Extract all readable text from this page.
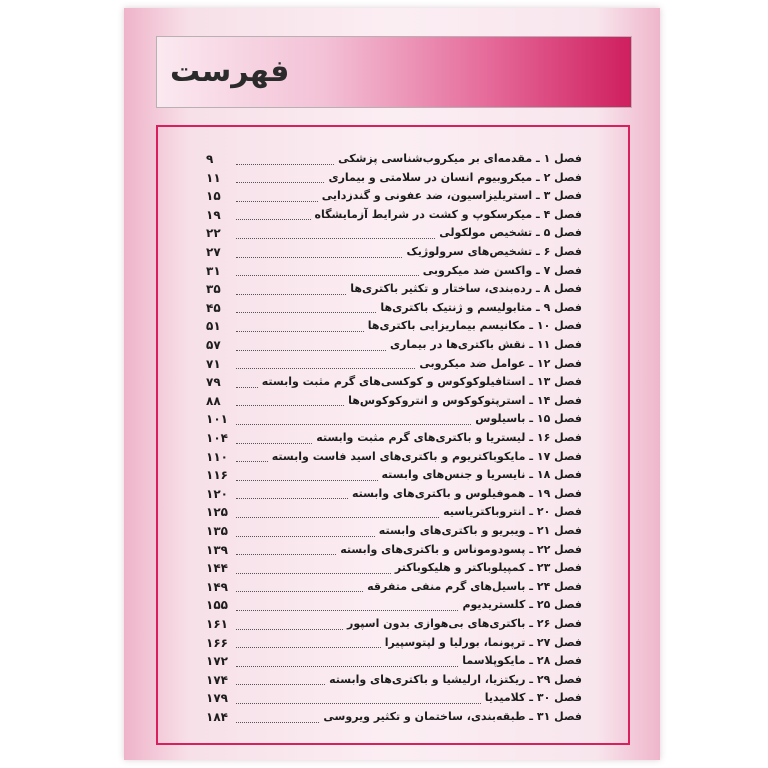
فهرست
فصل ۱ ـ مقدمه‌ای بر میکروب‌شناسی پزشکی
۹
فصل ۲ ـ میکروبیوم انسان در سلامتی و بیماری
۱۱
فصل ۳ ـ استریلیزاسیون، ضد عفونی و گندزدایی
۱۵
فصل ۴ ـ میکرسکوپ و کشت در شرایط آزمایشگاه
۱۹
فصل ۵ ـ تشخیص مولکولی
۲۲
فصل ۶ ـ تشخیص‌های سرولوژیک
۲۷
فصل ۷ ـ واکسن ضد میکروبی
۳۱
فصل ۸ ـ رده‌بندی، ساختار و تکثیر باکتری‌ها
۳۵
فصل ۹ ـ متابولیسم و ژنتیک باکتری‌ها
۴۵
فصل ۱۰ ـ مکانیسم بیماریزایی باکتری‌ها
۵۱
فصل ۱۱ ـ نقش باکتری‌ها در بیماری
۵۷
فصل ۱۲ ـ عوامل ضد میکروبی
۷۱
فصل ۱۳ ـ استافیلوکوکوس و کوکسی‌های گرم مثبت وابسته
۷۹
فصل ۱۴ ـ استرپتوکوکوس و انتروکوکوس‌ها
۸۸
فصل ۱۵ ـ باسیلوس
۱۰۱
فصل ۱۶ ـ لیستریا و باکتری‌های گرم مثبت وابسته
۱۰۴
فصل ۱۷ ـ مایکوباکتریوم و باکتری‌های اسید فاست وابسته
۱۱۰
فصل ۱۸ ـ نایسریا و جنس‌های وابسته
۱۱۶
فصل ۱۹ ـ هموفیلوس و باکتری‌های وابسته
۱۲۰
فصل ۲۰ ـ انتروباکتریاسیه
۱۲۵
فصل ۲۱ ـ ویبریو و باکتری‌های وابسته
۱۳۵
فصل ۲۲ ـ پسودوموناس و باکتری‌های وابسته
۱۳۹
فصل ۲۳ ـ کمپیلوباکتر و هلیکوباکتر
۱۴۴
فصل ۲۴ ـ باسیل‌های گرم منفی متفرقه
۱۴۹
فصل ۲۵ ـ کلستریدیوم
۱۵۵
فصل ۲۶ ـ باکتری‌های بی‌هوازی بدون اسپور
۱۶۱
فصل ۲۷ ـ ترپونما، بورلیا و لپتوسپیرا
۱۶۶
فصل ۲۸ ـ مایکوپلاسما
۱۷۲
فصل ۲۹ ـ ریکتزیا، ارلیشیا و باکتری‌های وابسته
۱۷۴
فصل ۳۰ ـ کلامیدیا
۱۷۹
فصل ۳۱ ـ طبقه‌بندی، ساختمان و تکثیر ویروسی
۱۸۴
